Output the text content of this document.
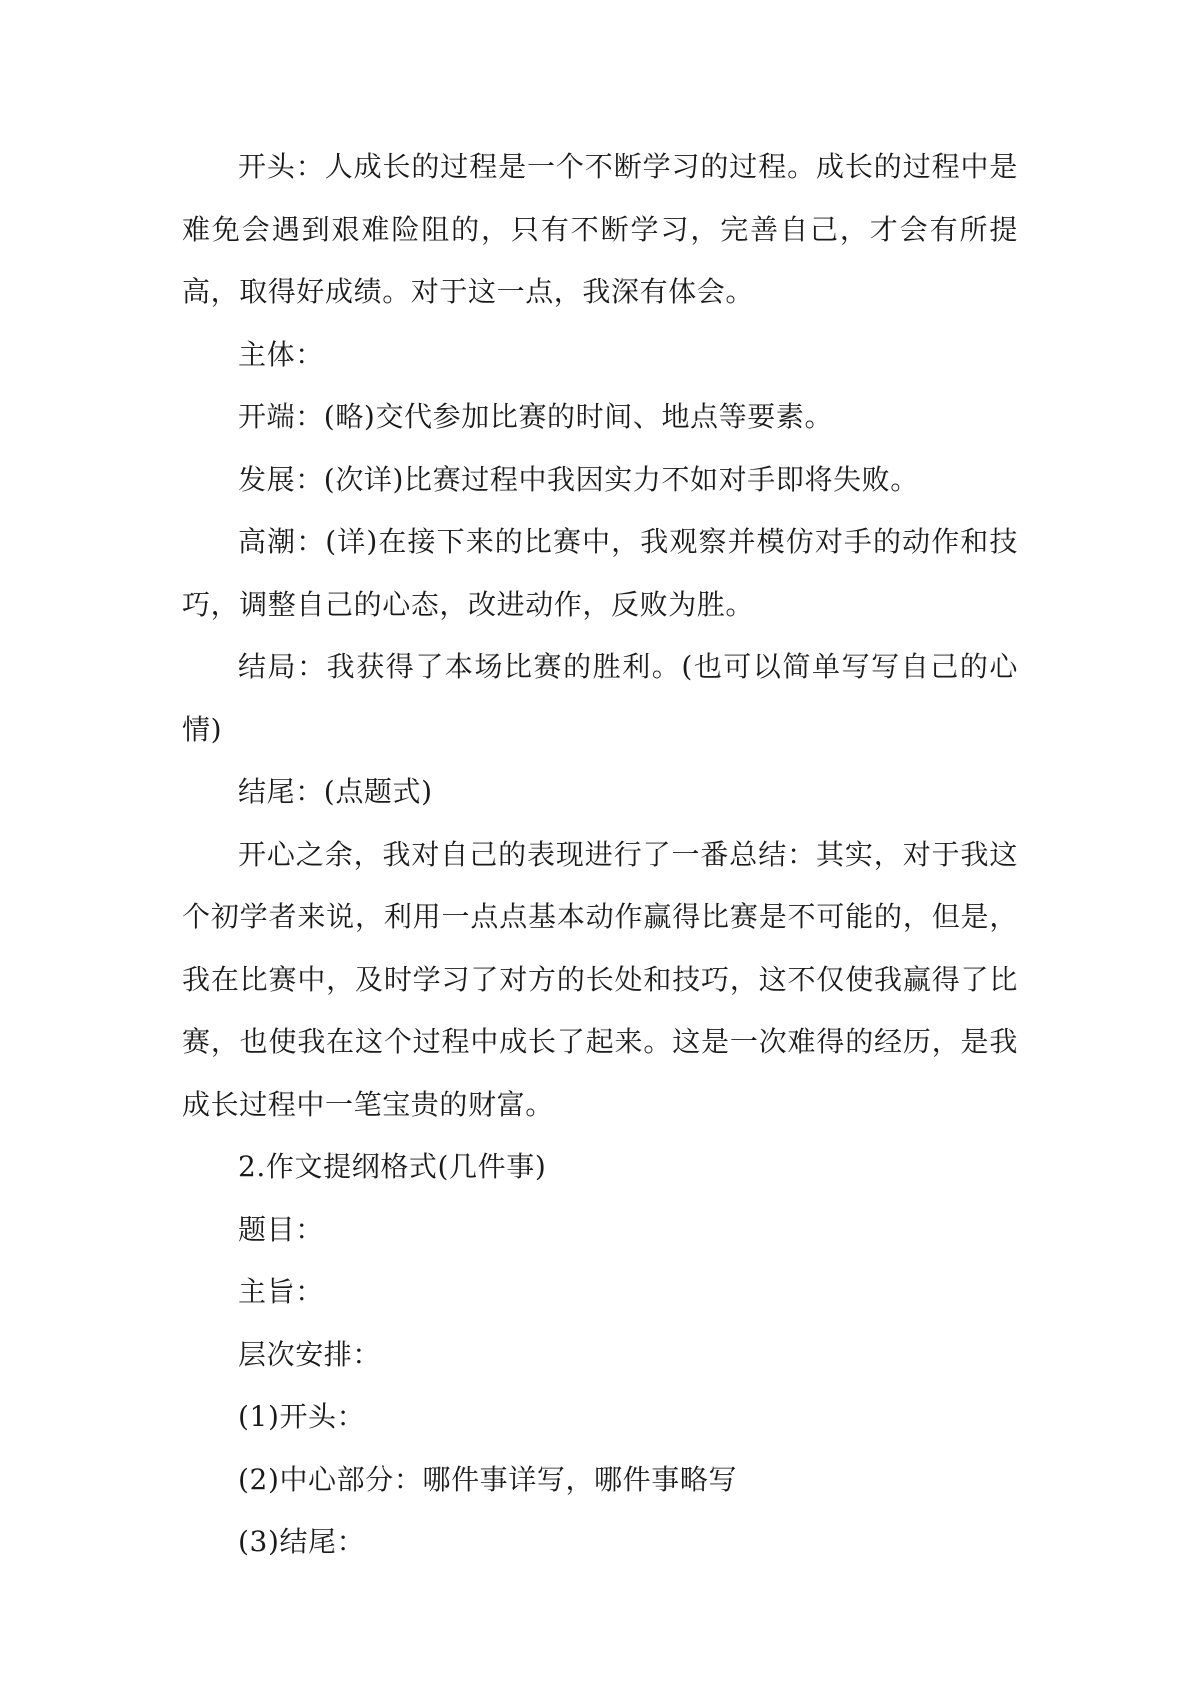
开头：人成长的过程是一个不断学习的过程。成长的过程中是难免会遇到艰难险阻的，只有不断学习，完善自己，才会有所提高，取得好成绩。对于这一点，我深有体会。

主体：

开端：(略)交代参加比赛的时间、地点等要素。

发展：(次详)比赛过程中我因实力不如对手即将失败。

高潮：(详)在接下来的比赛中，我观察并模仿对手的动作和技巧，调整自己的心态，改进动作，反败为胜。

结局：我获得了本场比赛的胜利。(也可以简单写写自己的心情)

结尾：(点题式)

开心之余，我对自己的表现进行了一番总结：其实，对于我这个初学者来说，利用一点点基本动作赢得比赛是不可能的，但是，我在比赛中，及时学习了对方的长处和技巧，这不仅使我赢得了比赛，也使我在这个过程中成长了起来。这是一次难得的经历，是我成长过程中一笔宝贵的财富。

2.作文提纲格式(几件事)

题目：

主旨：

层次安排：

(1)开头：

(2)中心部分：哪件事详写，哪件事略写

(3)结尾：
